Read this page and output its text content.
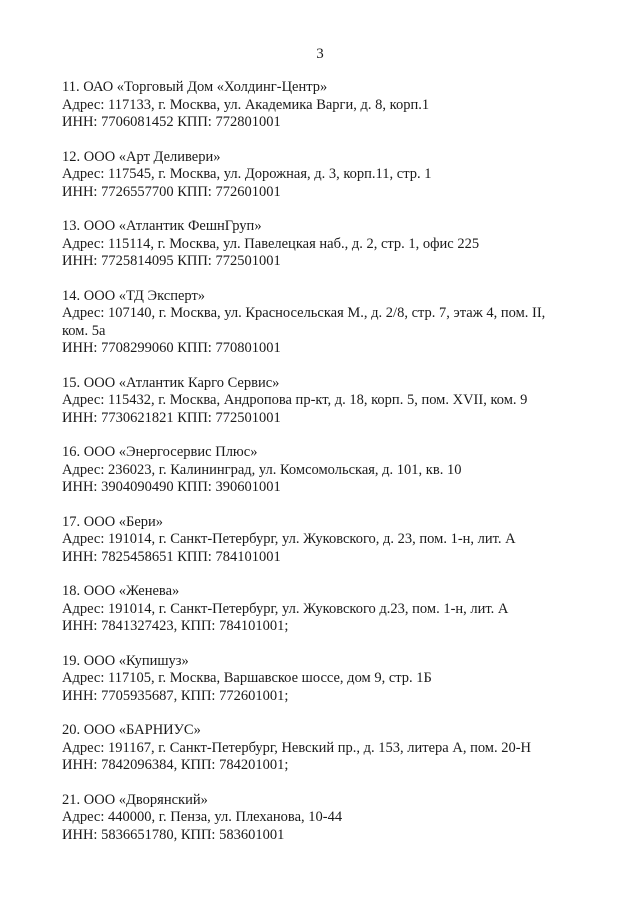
3
11. ОАО «Торговый Дом «Холдинг-Центр»
Адрес: 117133, г. Москва, ул. Академика Варги, д. 8, корп.1
ИНН: 7706081452 КПП: 772801001
12. ООО «Арт Деливери»
Адрес: 117545, г. Москва, ул. Дорожная, д. 3, корп.11, стр. 1
ИНН: 7726557700 КПП: 772601001
13. ООО «Атлантик ФешнГруп»
Адрес: 115114, г. Москва, ул. Павелецкая наб., д. 2, стр. 1, офис 225
ИНН: 7725814095 КПП: 772501001
14. ООО «ТД Эксперт»
Адрес: 107140, г. Москва, ул. Красносельская М., д. 2/8, стр. 7, этаж 4, пом. II, ком. 5а
ИНН: 7708299060 КПП: 770801001
15. ООО «Атлантик Карго Сервис»
Адрес: 115432, г. Москва, Андропова пр-кт, д. 18, корп. 5, пом. XVII, ком. 9
ИНН: 7730621821 КПП: 772501001
16. ООО «Энергосервис Плюс»
Адрес: 236023, г. Калининград, ул. Комсомольская, д. 101, кв. 10
ИНН: 3904090490 КПП: 390601001
17. ООО «Бери»
Адрес: 191014, г. Санкт-Петербург, ул. Жуковского, д. 23, пом. 1-н, лит. А
ИНН: 7825458651 КПП: 784101001
18. ООО «Женева»
Адрес: 191014, г. Санкт-Петербург, ул. Жуковского д.23, пом. 1-н, лит. А
ИНН: 7841327423, КПП: 784101001;
19. ООО «Купишуз»
Адрес: 117105, г. Москва, Варшавское шоссе, дом 9, стр. 1Б
ИНН: 7705935687, КПП: 772601001;
20. ООО «БАРНИУС»
Адрес: 191167, г. Санкт-Петербург, Невский пр., д. 153, литера А, пом. 20-Н
ИНН: 7842096384, КПП: 784201001;
21. ООО «Дворянский»
Адрес: 440000, г. Пенза, ул. Плеханова, 10-44
ИНН: 5836651780, КПП: 583601001
